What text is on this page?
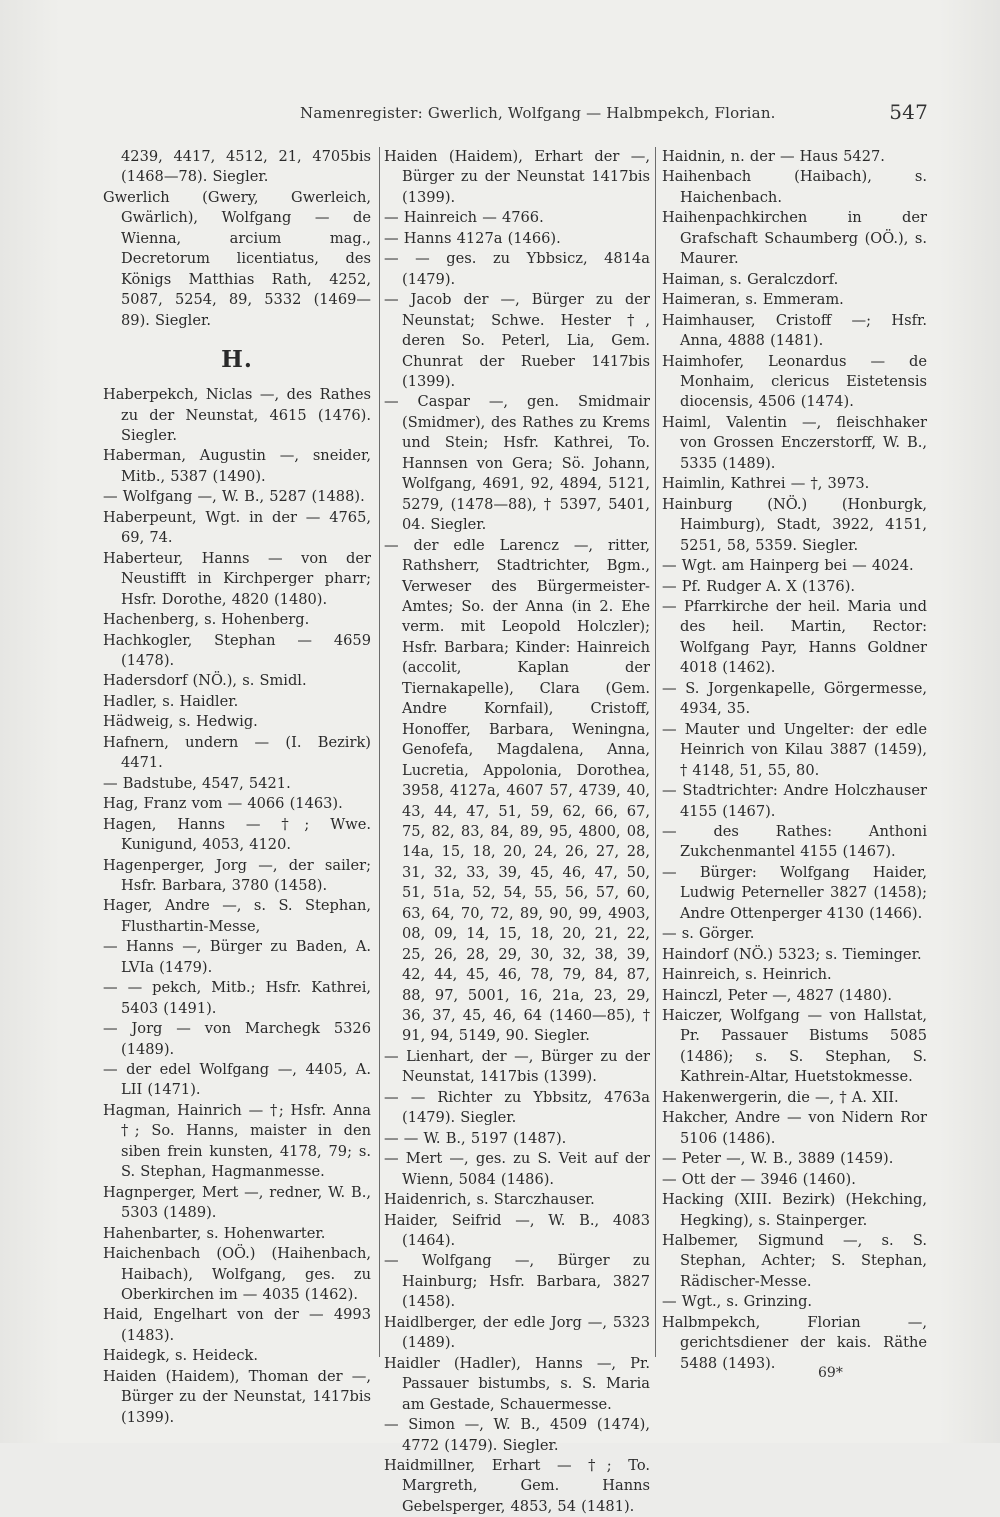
Namenregister: Gwerlich, Wolfgang — Halbmpekch, Florian.	547

4239, 4417, 4512, 21, 4705bis (1468—78). Siegler.

Gwerlich (Gwery, Gwerleich, Gwärlich), Wolfgang — de Wienna, arcium mag., Decretorum licentiatus, des Königs Matthias Rath, 4252, 5087, 5254, 89, 5332 (1469—89). Siegler.

H.

Haberpekch, Niclas —, des Rathes zu der Neunstat, 4615 (1476). Siegler.

Haberman, Augustin —, sneider, Mitb., 5387 (1490).

— Wolfgang —, W. B., 5287 (1488).

Haberpeunt, Wgt. in der — 4765, 69, 74.

Haberteur, Hanns — von der Neustifft in Kirchperger pharr; Hsfr. Dorothe, 4820 (1480).

Hachenberg, s. Hohenberg.

Hachkogler, Stephan — 4659 (1478).

Hadersdorf (NÖ.), s. Smidl.

Hadler, s. Haidler.

Hädweig, s. Hedwig.

Hafnern, undern — (I. Bezirk) 4471.

— Badstube, 4547, 5421.

Hag, Franz vom — 4066 (1463).

Hagen, Hanns — †; Wwe. Kunigund, 4053, 4120.

Hagenperger, Jorg —, der sailer; Hsfr. Barbara, 3780 (1458).

Hager, Andre —, s. S. Stephan, Flusthartin-Messe,

— Hanns —, Bürger zu Baden, A. LVIa (1479).

— — pekch, Mitb.; Hsfr. Kathrei, 5403 (1491).

— Jorg — von Marchegk 5326 (1489).

— der edel Wolfgang —, 4405, A. LII (1471).

Hagman, Hainrich — †; Hsfr. Anna †; So. Hanns, maister in den siben frein kunsten, 4178, 79; s. S. Stephan, Hagmanmesse.

Hagnperger, Mert —, redner, W. B., 5303 (1489).

Hahenbarter, s. Hohenwarter.

Haichenbach (OÖ.) (Haihenbach, Haibach), Wolfgang, ges. zu Oberkirchen im — 4035 (1462).

Haid, Engelhart von der — 4993 (1483).

Haidegk, s. Heideck.

Haiden (Haidem), Thoman der —, Bürger zu der Neunstat, 1417bis (1399).

Haiden (Haidem), Erhart der —, Bürger zu der Neunstat 1417bis (1399).

— Hainreich — 4766.

— Hanns 4127a (1466).

— — ges. zu Ybbsicz, 4814a (1479).

— Jacob der —, Bürger zu der Neunstat; Schwe. Hester †, deren So. Peterl, Lia, Gem. Chunrat der Rueber 1417bis (1399).

— Caspar —, gen. Smidmair (Smidmer), des Rathes zu Krems und Stein; Hsfr. Kathrei, To. Hannsen von Gera; Sö. Johann, Wolfgang, 4691, 92, 4894, 5121, 5279, (1478—88), † 5397, 5401, 04. Siegler.

— der edle Larencz —, ritter, Rathsherr, Stadtrichter, Bgm., Verweser des Bürgermeister-Amtes; So. der Anna (in 2. Ehe verm. mit Leopold Holczler); Hsfr. Barbara; Kinder: Hainreich (accolit, Kaplan der Tiernakapelle), Clara (Gem. Andre Kornfail), Cristoff, Honoffer, Barbara, Weningna, Genofefa, Magdalena, Anna, Lucretia, Appolonia, Dorothea, 3958, 4127a, 4607 57, 4739, 40, 43, 44, 47, 51, 59, 62, 66, 67, 75, 82, 83, 84, 89, 95, 4800, 08, 14a, 15, 18, 20, 24, 26, 27, 28, 31, 32, 33, 39, 45, 46, 47, 50, 51, 51a, 52, 54, 55, 56, 57, 60, 63, 64, 70, 72, 89, 90, 99, 4903, 08, 09, 14, 15, 18, 20, 21, 22, 25, 26, 28, 29, 30, 32, 38, 39, 42, 44, 45, 46, 78, 79, 84, 87, 88, 97, 5001, 16, 21a, 23, 29, 36, 37, 45, 46, 64 (1460—85), † 91, 94, 5149, 90. Siegler.

— Lienhart, der —, Bürger zu der Neunstat, 1417bis (1399).

— — Richter zu Ybbsitz, 4763a (1479). Siegler.

— — W. B., 5197 (1487).

— Mert —, ges. zu S. Veit auf der Wienn, 5084 (1486).

Haidenrich, s. Starczhauser.

Haider, Seifrid —, W. B., 4083 (1464).

— Wolfgang —, Bürger zu Hainburg; Hsfr. Barbara, 3827 (1458).

Haidlberger, der edle Jorg —, 5323 (1489).

Haidler (Hadler), Hanns —, Pr. Passauer bistumbs, s. S. Maria am Gestade, Schauermesse.

— Simon —, W. B., 4509 (1474), 4772 (1479). Siegler.

Haidmillner, Erhart — †; To. Margreth, Gem. Hanns Gebelsperger, 4853, 54 (1481).

Haidnin, n. der — Haus 5427.

Haihenbach (Haibach), s. Haichenbach.

Haihenpachkirchen in der Grafschaft Schaumberg (OÖ.), s. Maurer.

Haiman, s. Geralczdorf.

Haimeran, s. Emmeram.

Haimhauser, Cristoff —; Hsfr. Anna, 4888 (1481).

Haimhofer, Leonardus — de Monhaim, clericus Eistetensis diocensis, 4506 (1474).

Haiml, Valentin —, fleischhaker von Grossen Enczerstorff, W. B., 5335 (1489).

Haimlin, Kathrei — †, 3973.

Hainburg (NÖ.) (Honburgk, Haimburg), Stadt, 3922, 4151, 5251, 58, 5359. Siegler.

— Wgt. am Hainperg bei — 4024.

— Pf. Rudger A. X (1376).

— Pfarrkirche der heil. Maria und des heil. Martin, Rector: Wolfgang Payr, Hanns Goldner 4018 (1462).

— S. Jorgenkapelle, Görgermesse, 4934, 35.

— Mauter und Ungelter: der edle Heinrich von Kilau 3887 (1459), † 4148, 51, 55, 80.

— Stadtrichter: Andre Holczhauser 4155 (1467).

— des Rathes: Anthoni Zukchenmantel 4155 (1467).

— Bürger: Wolfgang Haider, Ludwig Peterneller 3827 (1458); Andre Ottenperger 4130 (1466).

— s. Görger.

Haindorf (NÖ.) 5323; s. Tieminger.

Hainreich, s. Heinrich.

Hainczl, Peter —, 4827 (1480).

Haiczer, Wolfgang — von Hallstat, Pr. Passauer Bistums 5085 (1486); s. S. Stephan, S. Kathrein-Altar, Huetstokmesse.

Hakenwergerin, die —, † A. XII.

Hakcher, Andre — von Nidern Ror 5106 (1486).

— Peter —, W. B., 3889 (1459).

— Ott der — 3946 (1460).

Hacking (XIII. Bezirk) (Hekching, Hegking), s. Stainperger.

Halbemer, Sigmund —, s. S. Stephan, Achter; S. Stephan, Rädischer-Messe.

— Wgt., s. Grinzing.

Halbmpekch, Florian —, gerichtsdiener der kais. Räthe 5488 (1493).

69*
